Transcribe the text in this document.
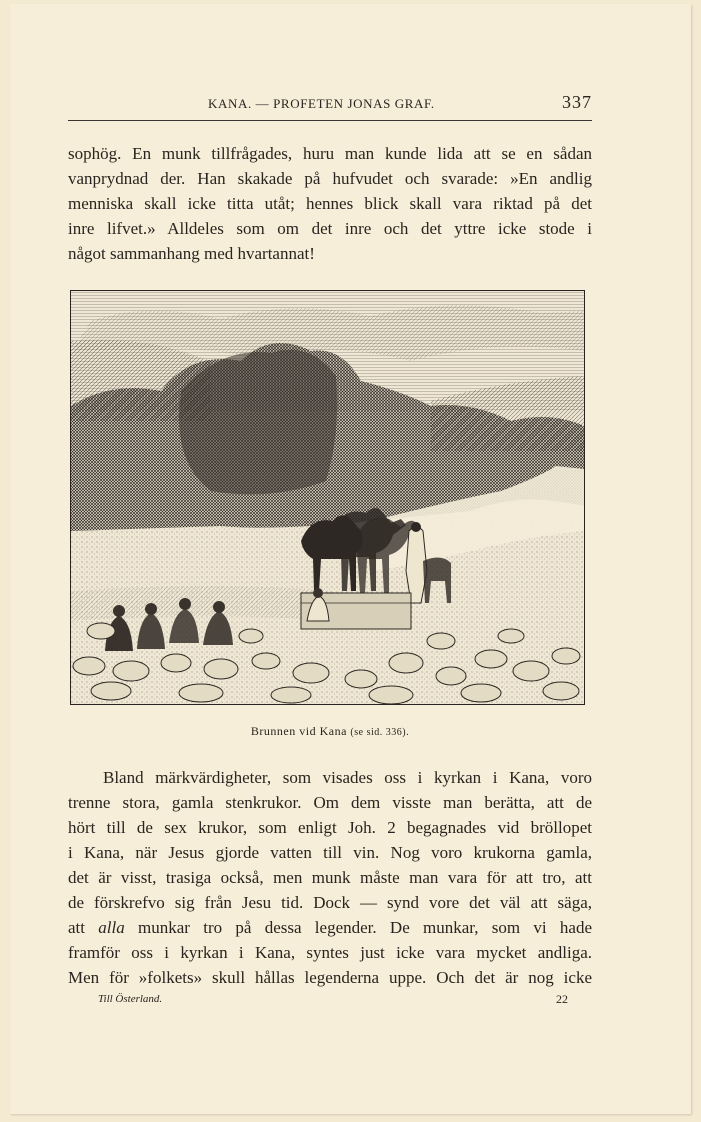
KANA. — PROFETEN JONAS GRAF.	337
sophög. En munk tillfrågades, huru man kunde lida att se en sådan
vanprydnad der. Han skakade på hufvudet och svarade: »En andlig
menniska skall icke titta utåt; hennes blick skall vara riktad på det
inre lifvet.» Alldeles som om det inre och det yttre icke stode i
något sammanhang med hvartannat!
Brunnen vid Kana (se sid. 336).
Bland märkvärdigheter, som visades oss i kyrkan i Kana, voro
trenne stora, gamla stenkrukor. Om dem visste man berätta, att de
hört till de sex krukor, som enligt Joh. 2 begagnades vid bröllopet
i Kana, när Jesus gjorde vatten till vin. Nog voro krukorna gamla,
det är visst, trasiga också, men munk måste man vara för att tro, att
de förskrefvo sig från Jesu tid. Dock — synd vore det väl att säga,
att alla munkar tro på dessa legender. De munkar, som vi hade
framför oss i kyrkan i Kana, syntes just icke vara mycket andliga.
Men för »folkets» skull hållas legenderna uppe. Och det är nog icke
Till Österland.	22
